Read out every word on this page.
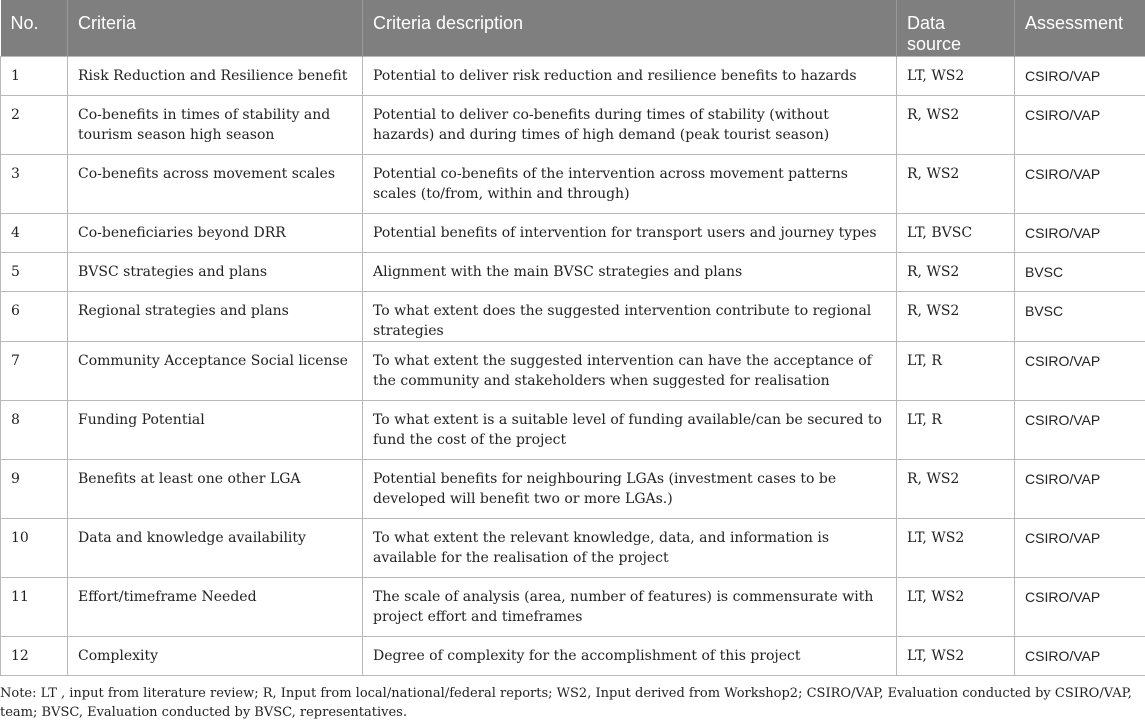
No.	Criteria	Criteria description	Data source	Assessment
1	Risk Reduction and Resilience benefit	Potential to deliver risk reduction and resilience benefits to hazards	LT, WS2	CSIRO/VAP
2	Co-benefits in times of stability and tourism season high season	Potential to deliver co-benefits during times of stability (without hazards) and during times of high demand (peak tourist season)	R, WS2	CSIRO/VAP
3	Co-benefits across movement scales	Potential co-benefits of the intervention across movement patterns scales (to/from, within and through)	R, WS2	CSIRO/VAP
4	Co-beneficiaries beyond DRR	Potential benefits of intervention for transport users and journey types	LT, BVSC	CSIRO/VAP
5	BVSC strategies and plans	Alignment with the main BVSC strategies and plans	R, WS2	BVSC
6	Regional strategies and plans	To what extent does the suggested intervention contribute to regional strategies	R, WS2	BVSC
7	Community Acceptance Social license	To what extent the suggested intervention can have the acceptance of the community and stakeholders when suggested for realisation	LT, R	CSIRO/VAP
8	Funding Potential	To what extent is a suitable level of funding available/can be secured to fund the cost of the project	LT, R	CSIRO/VAP
9	Benefits at least one other LGA	Potential benefits for neighbouring LGAs (investment cases to be developed will benefit two or more LGAs.)	R, WS2	CSIRO/VAP
10	Data and knowledge availability	To what extent the relevant knowledge, data, and information is available for the realisation of the project	LT, WS2	CSIRO/VAP
11	Effort/timeframe Needed	The scale of analysis (area, number of features) is commensurate with project effort and timeframes	LT, WS2	CSIRO/VAP
12	Complexity	Degree of complexity for the accomplishment of this project	LT, WS2	CSIRO/VAP
Note: LT , input from literature review; R, Input from local/national/federal reports; WS2, Input derived from Workshop2; CSIRO/VAP, Evaluation conducted by CSIRO/VAP, team; BVSC, Evaluation conducted by BVSC, representatives.
